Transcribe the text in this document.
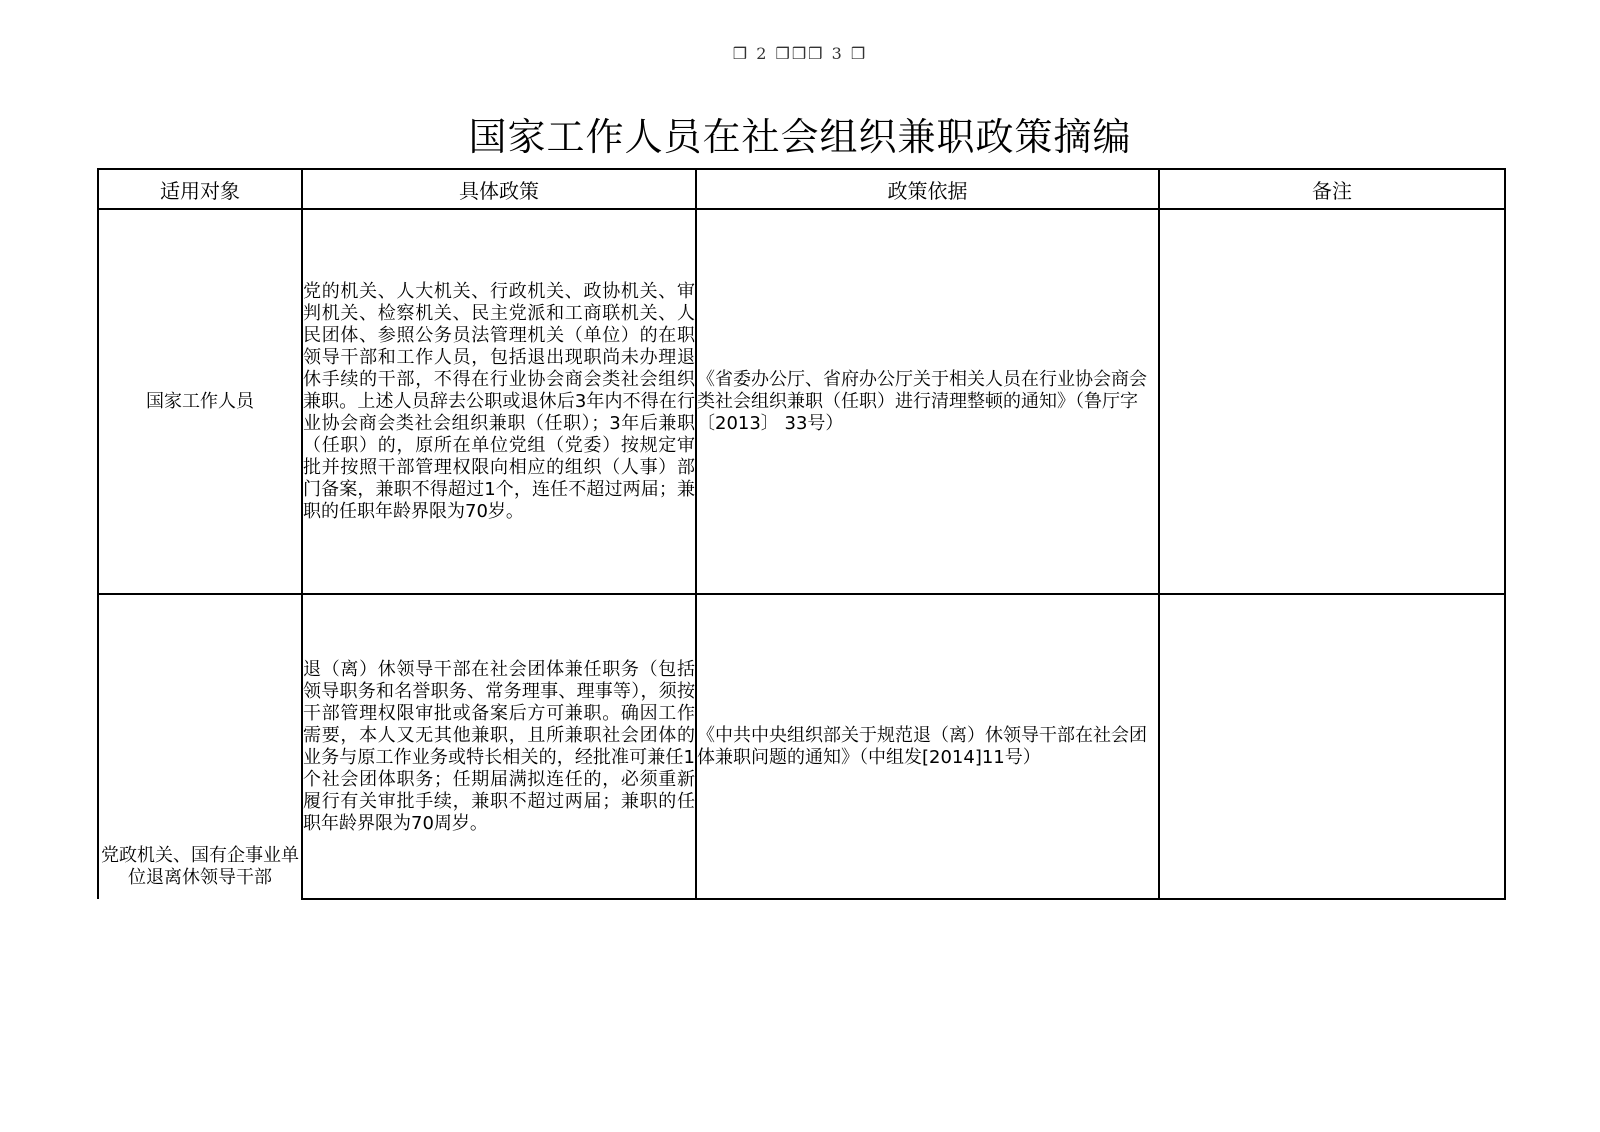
❒ 2 ❒❒❒ 3 ❒
国家工作人员在社会组织兼职政策摘编
适用对象	具体政策	政策依据	备注
国家工作人员	党的机关、人大机关、行政机关、政协机关、审判机关、检察机关、民主党派和工商联机关、人民团体、参照公务员法管理机关（单位）的在职领导干部和工作人员，包括退出现职尚未办理退休手续的干部，不得在行业协会商会类社会组织兼职。上述人员辞去公职或退休后3年内不得在行业协会商会类社会组织兼职（任职）；3年后兼职（任职）的，原所在单位党组（党委）按规定审批并按照干部管理权限向相应的组织（人事）部门备案，兼职不得超过1个，连任不超过两届；兼职的任职年龄界限为70岁。	《省委办公厅、省府办公厅关于相关人员在行业协会商会类社会组织兼职（任职）进行清理整顿的通知》（鲁厅字〔2013〕 33号）	
党政机关、国有企事业单位退离休领导干部	退（离）休领导干部在社会团体兼任职务（包括领导职务和名誉职务、常务理事、理事等），须按干部管理权限审批或备案后方可兼职。确因工作需要，本人又无其他兼职，且所兼职社会团体的业务与原工作业务或特长相关的，经批准可兼任1个社会团体职务；任期届满拟连任的，必须重新履行有关审批手续，兼职不超过两届；兼职的任职年龄界限为70周岁。	《中共中央组织部关于规范退（离）休领导干部在社会团体兼职问题的通知》（中组发[2014]11号）	
